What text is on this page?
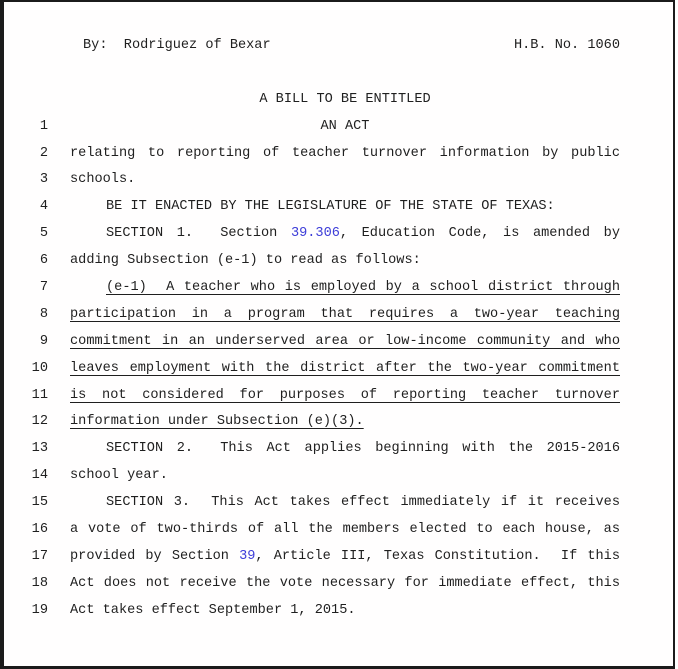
By:  Rodriguez of Bexar	H.B. No. 1060
A BILL TO BE ENTITLED
1	AN ACT
2 relating to reporting of teacher turnover information by public
3 schools.
4	BE IT ENACTED BY THE LEGISLATURE OF THE STATE OF TEXAS:
5	SECTION 1.  Section 39.306, Education Code, is amended by
6 adding Subsection (e-1) to read as follows:
7	(e-1)  A teacher who is employed by a school district through
8 participation in a program that requires a two-year teaching
9 commitment in an underserved area or low-income community and who
10 leaves employment with the district after the two-year commitment
11 is not considered for purposes of reporting teacher turnover
12 information under Subsection (e)(3).
13	SECTION 2.  This Act applies beginning with the 2015-2016
14 school year.
15	SECTION 3.  This Act takes effect immediately if it receives
16 a vote of two-thirds of all the members elected to each house, as
17 provided by Section 39, Article III, Texas Constitution.  If this
18 Act does not receive the vote necessary for immediate effect, this
19 Act takes effect September 1, 2015.
